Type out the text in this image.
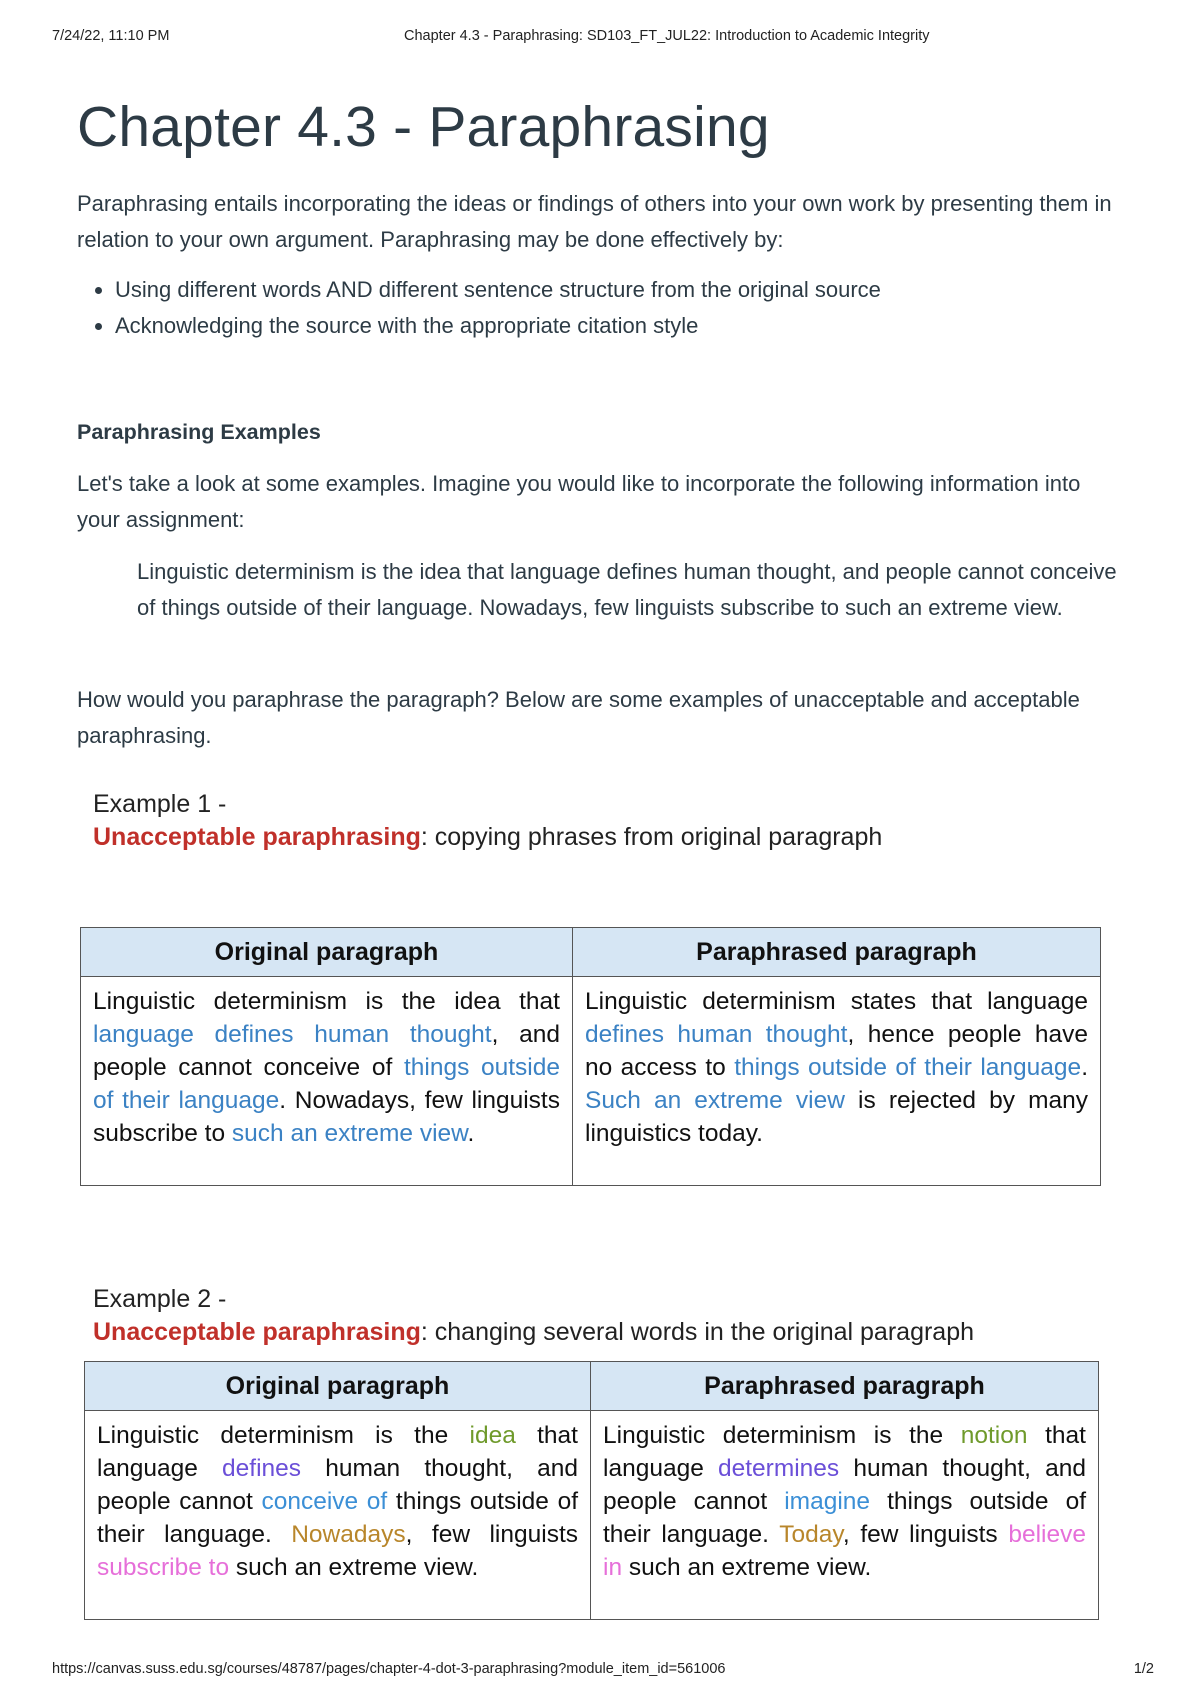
7/24/22, 11:10 PM	Chapter 4.3 - Paraphrasing: SD103_FT_JUL22: Introduction to Academic Integrity
Chapter 4.3 - Paraphrasing

Paraphrasing entails incorporating the ideas or findings of others into your own work by presenting them in relation to your own argument. Paraphrasing may be done effectively by:

• Using different words AND different sentence structure from the original source
• Acknowledging the source with the appropriate citation style
Paraphrasing Examples

Let's take a look at some examples. Imagine you would like to incorporate the following information into your assignment:

Linguistic determinism is the idea that language defines human thought, and people cannot conceive of things outside of their language. Nowadays, few linguists subscribe to such an extreme view.

How would you paraphrase the paragraph? Below are some examples of unacceptable and acceptable paraphrasing.

Example 1 -
Unacceptable paraphrasing: copying phrases from original paragraph
Original paragraph	Paraphrased paragraph
Linguistic determinism is the idea that language defines human thought, and people cannot conceive of things outside of their language. Nowadays, few linguists subscribe to such an extreme view.	Linguistic determinism states that language defines human thought, hence people have no access to things outside of their language. Such an extreme view is rejected by many linguistics today.
Example 2 -
Unacceptable paraphrasing: changing several words in the original paragraph
Original paragraph	Paraphrased paragraph
Linguistic determinism is the idea that language defines human thought, and people cannot conceive of things outside of their language. Nowadays, few linguists subscribe to such an extreme view.	Linguistic determinism is the notion that language determines human thought, and people cannot imagine things outside of their language. Today, few linguists believe in such an extreme view.
https://canvas.suss.edu.sg/courses/48787/pages/chapter-4-dot-3-paraphrasing?module_item_id=561006	1/2
